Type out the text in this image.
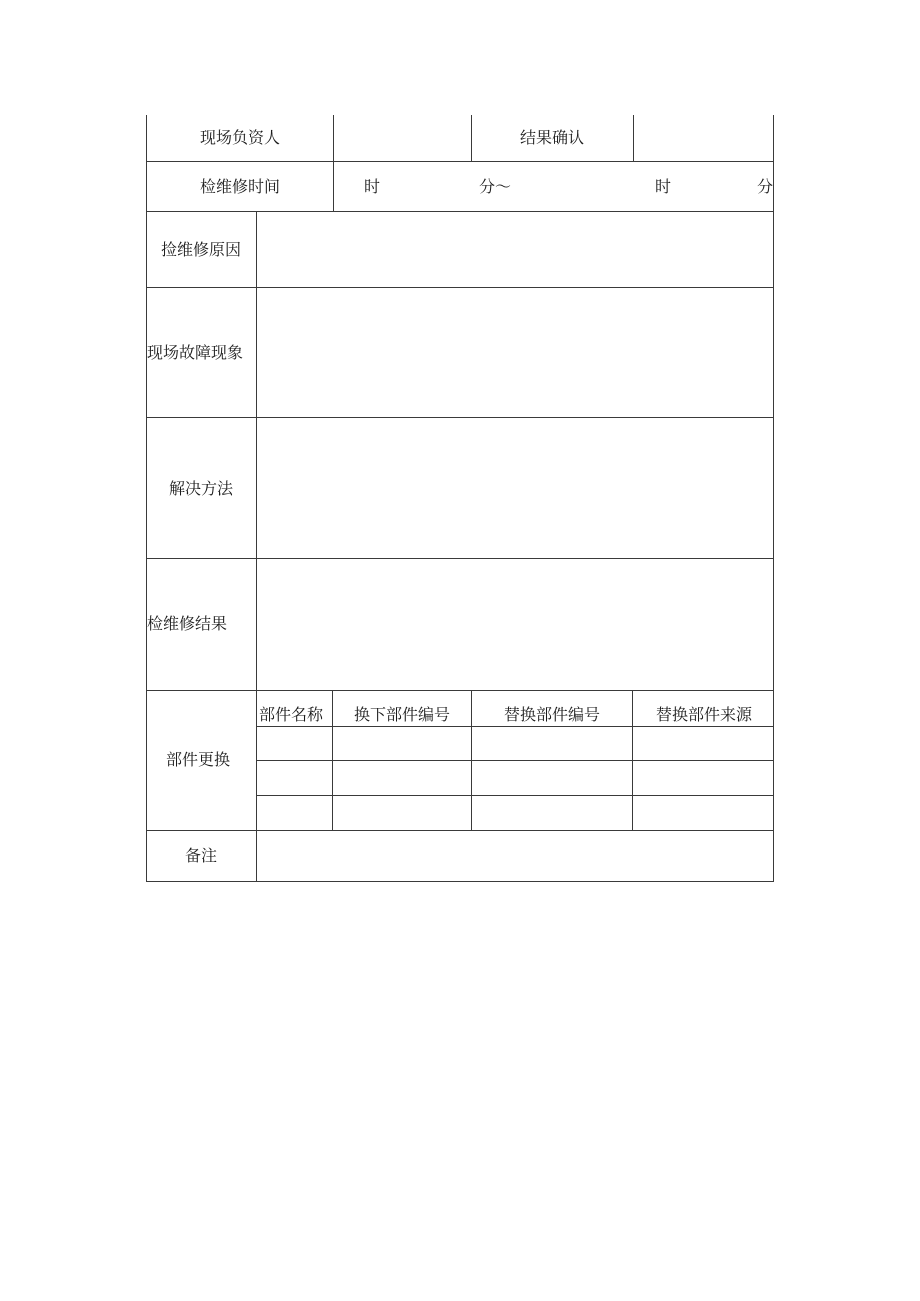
现场负资人	结果确认
检维修时间	时	分～	时	分
捡维修原因
现场故障现象
解决方法
检维修结果
部件更换
部件名称 换下部件编号	替换部件编号	替换部件来源
备注
